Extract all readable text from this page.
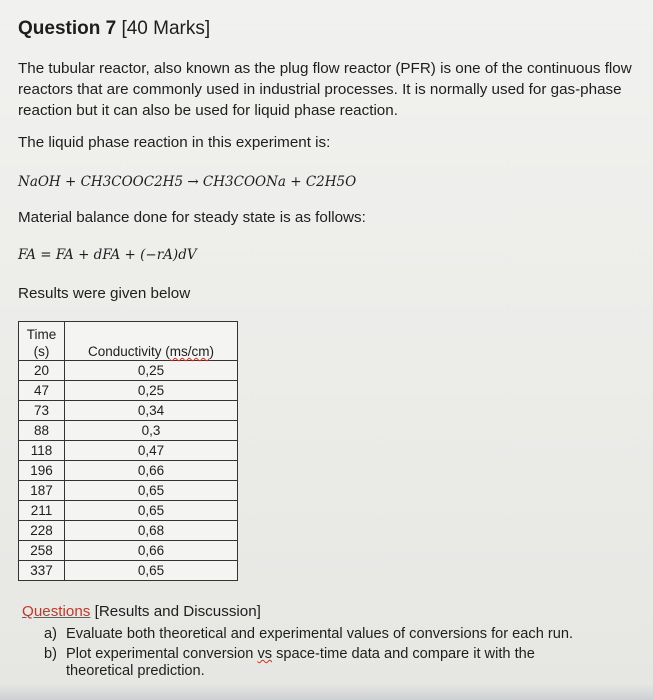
Question 7 [40 Marks]
The tubular reactor, also known as the plug flow reactor (PFR) is one of the continuous flow reactors that are commonly used in industrial processes. It is normally used for gas-phase reaction but it can also be used for liquid phase reaction.
The liquid phase reaction in this experiment is:
NaOH + CH3COOC2H5 → CH3COONa + C2H5O
Material balance done for steady state is as follows:
FA = FA + dFA + (−rA)dV
Results were given below
Time
(s)	Conductivity (ms/cm)
20	0,25
47	0,25
73	0,34
88	0,3
118	0,47
196	0,66
187	0,65
211	0,65
228	0,68
258	0,66
337	0,65
Questions [Results and Discussion]
a) Evaluate both theoretical and experimental values of conversions for each run.
b) Plot experimental conversion vs space-time data and compare it with the theoretical prediction.
